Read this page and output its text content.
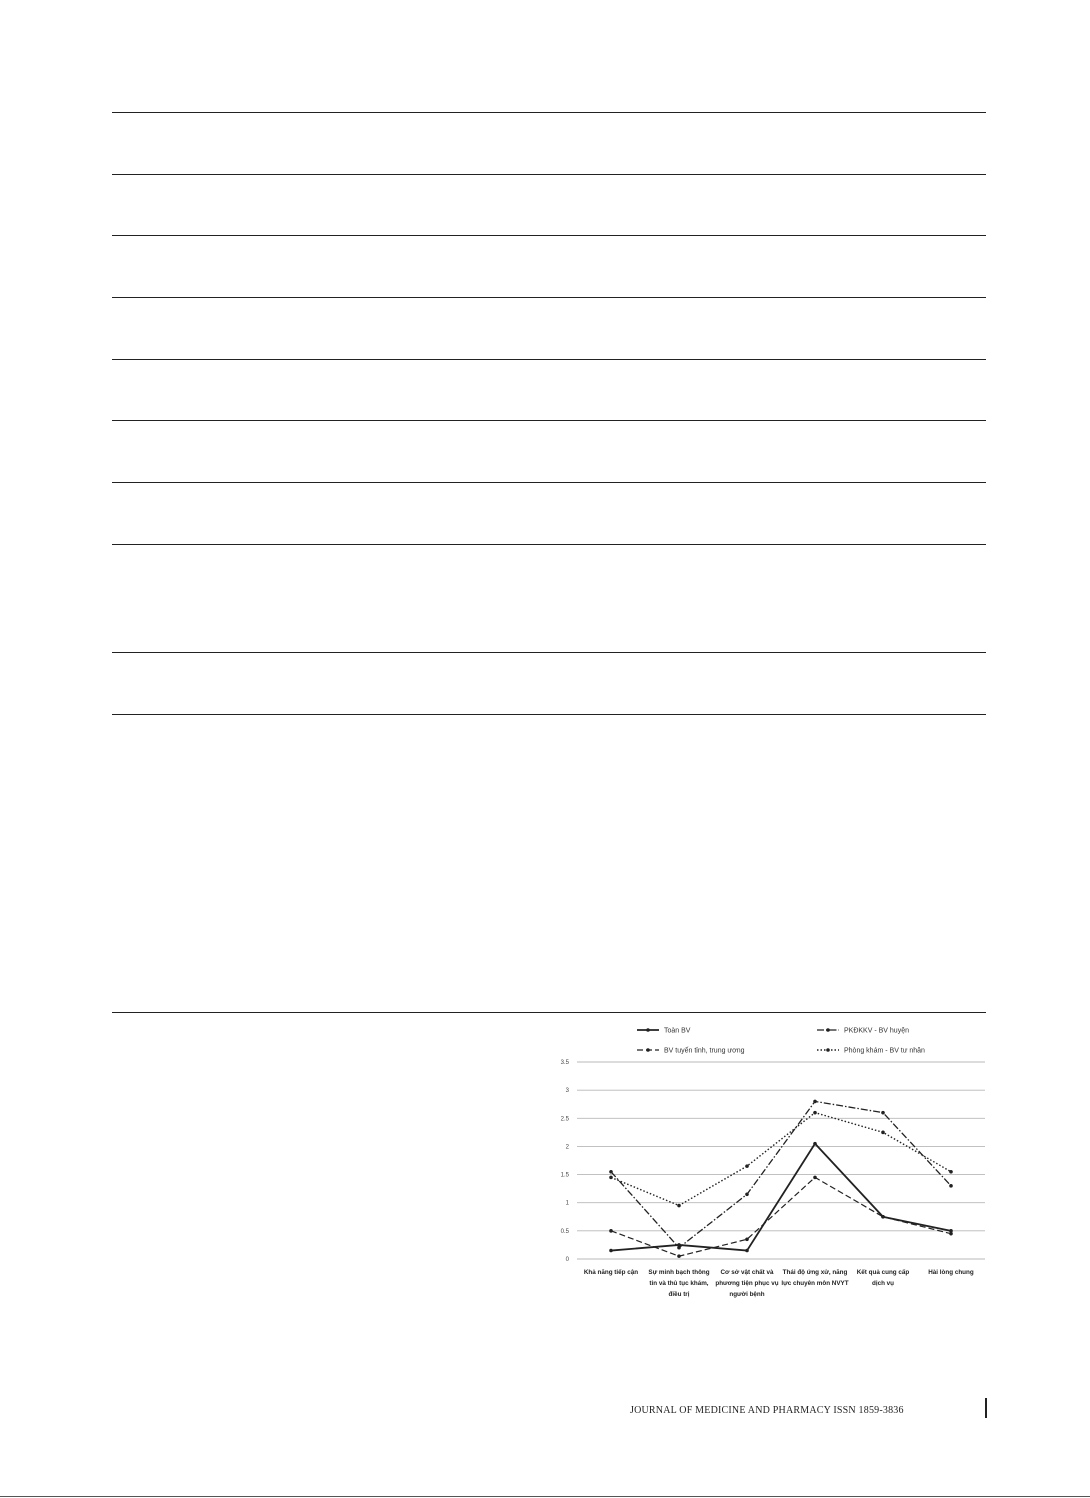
Toàn BV	PKĐKKV - BV huyện
BV tuyến tỉnh, trung ương	Phòng khám - BV tư nhân
0
0.5
1
1.5
2
2.5
3
3.5
Khả năng tiếp cận Sự minh bạch thông tin và thủ tục khám, điều trị
Cơ sở vật chất và phương tiện phục vụ người bệnh
Thái độ ứng xử, năng lực chuyên môn NVYT
Kết quả cung cấp dịch vụ
Hài lòng chung
JOURNAL OF MEDICINE AND PHARMACY ISSN 1859-3836
